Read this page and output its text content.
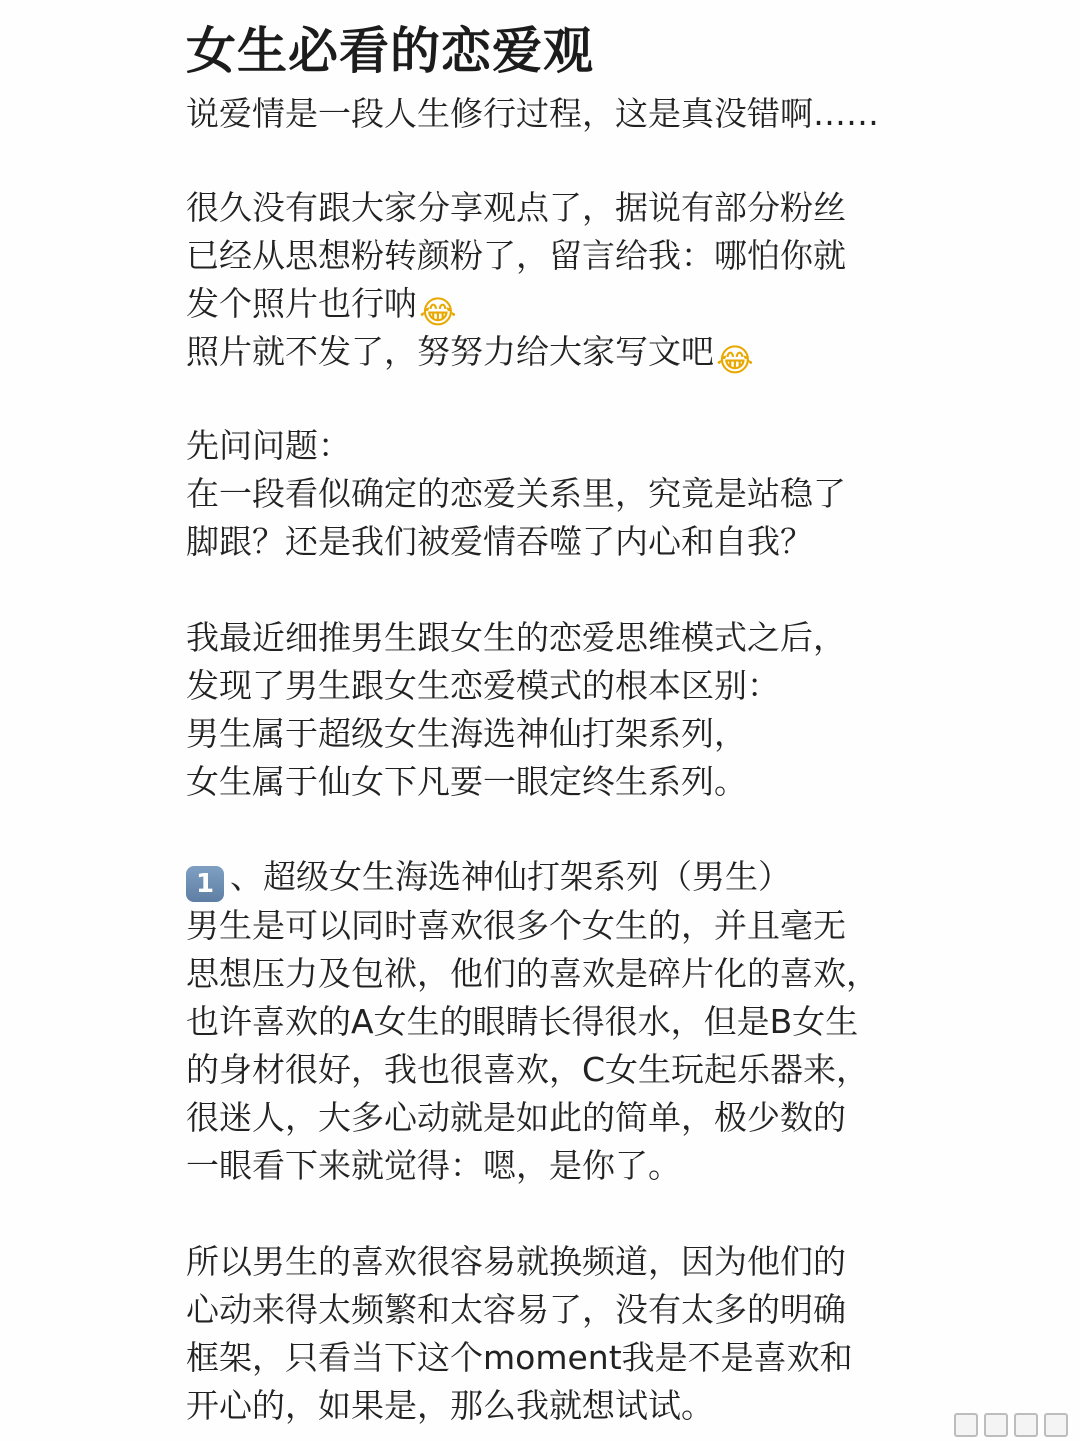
女生必看的恋爱观
说爱情是一段人生修行过程，这是真没错啊……
很久没有跟大家分享观点了，据说有部分粉丝
已经从思想粉转颜粉了，留言给我：哪怕你就
发个照片也行呐😂
照片就不发了，努努力给大家写文吧😂
先问问题：
在一段看似确定的恋爱关系里，究竟是站稳了
脚跟？还是我们被爱情吞噬了内心和自我？
我最近细推男生跟女生的恋爱思维模式之后，
发现了男生跟女生恋爱模式的根本区别：
男生属于超级女生海选神仙打架系列，
女生属于仙女下凡要一眼定终生系列。
1 、超级女生海选神仙打架系列（男生）
男生是可以同时喜欢很多个女生的，并且毫无
思想压力及包袱，他们的喜欢是碎片化的喜欢，
也许喜欢的A女生的眼睛长得很水，但是B女生
的身材很好，我也很喜欢，C女生玩起乐器来，
很迷人，大多心动就是如此的简单，极少数的
一眼看下来就觉得：嗯，是你了。
所以男生的喜欢很容易就换频道，因为他们的
心动来得太频繁和太容易了，没有太多的明确
框架，只看当下这个moment我是不是喜欢和
开心的，如果是，那么我就想试试。
